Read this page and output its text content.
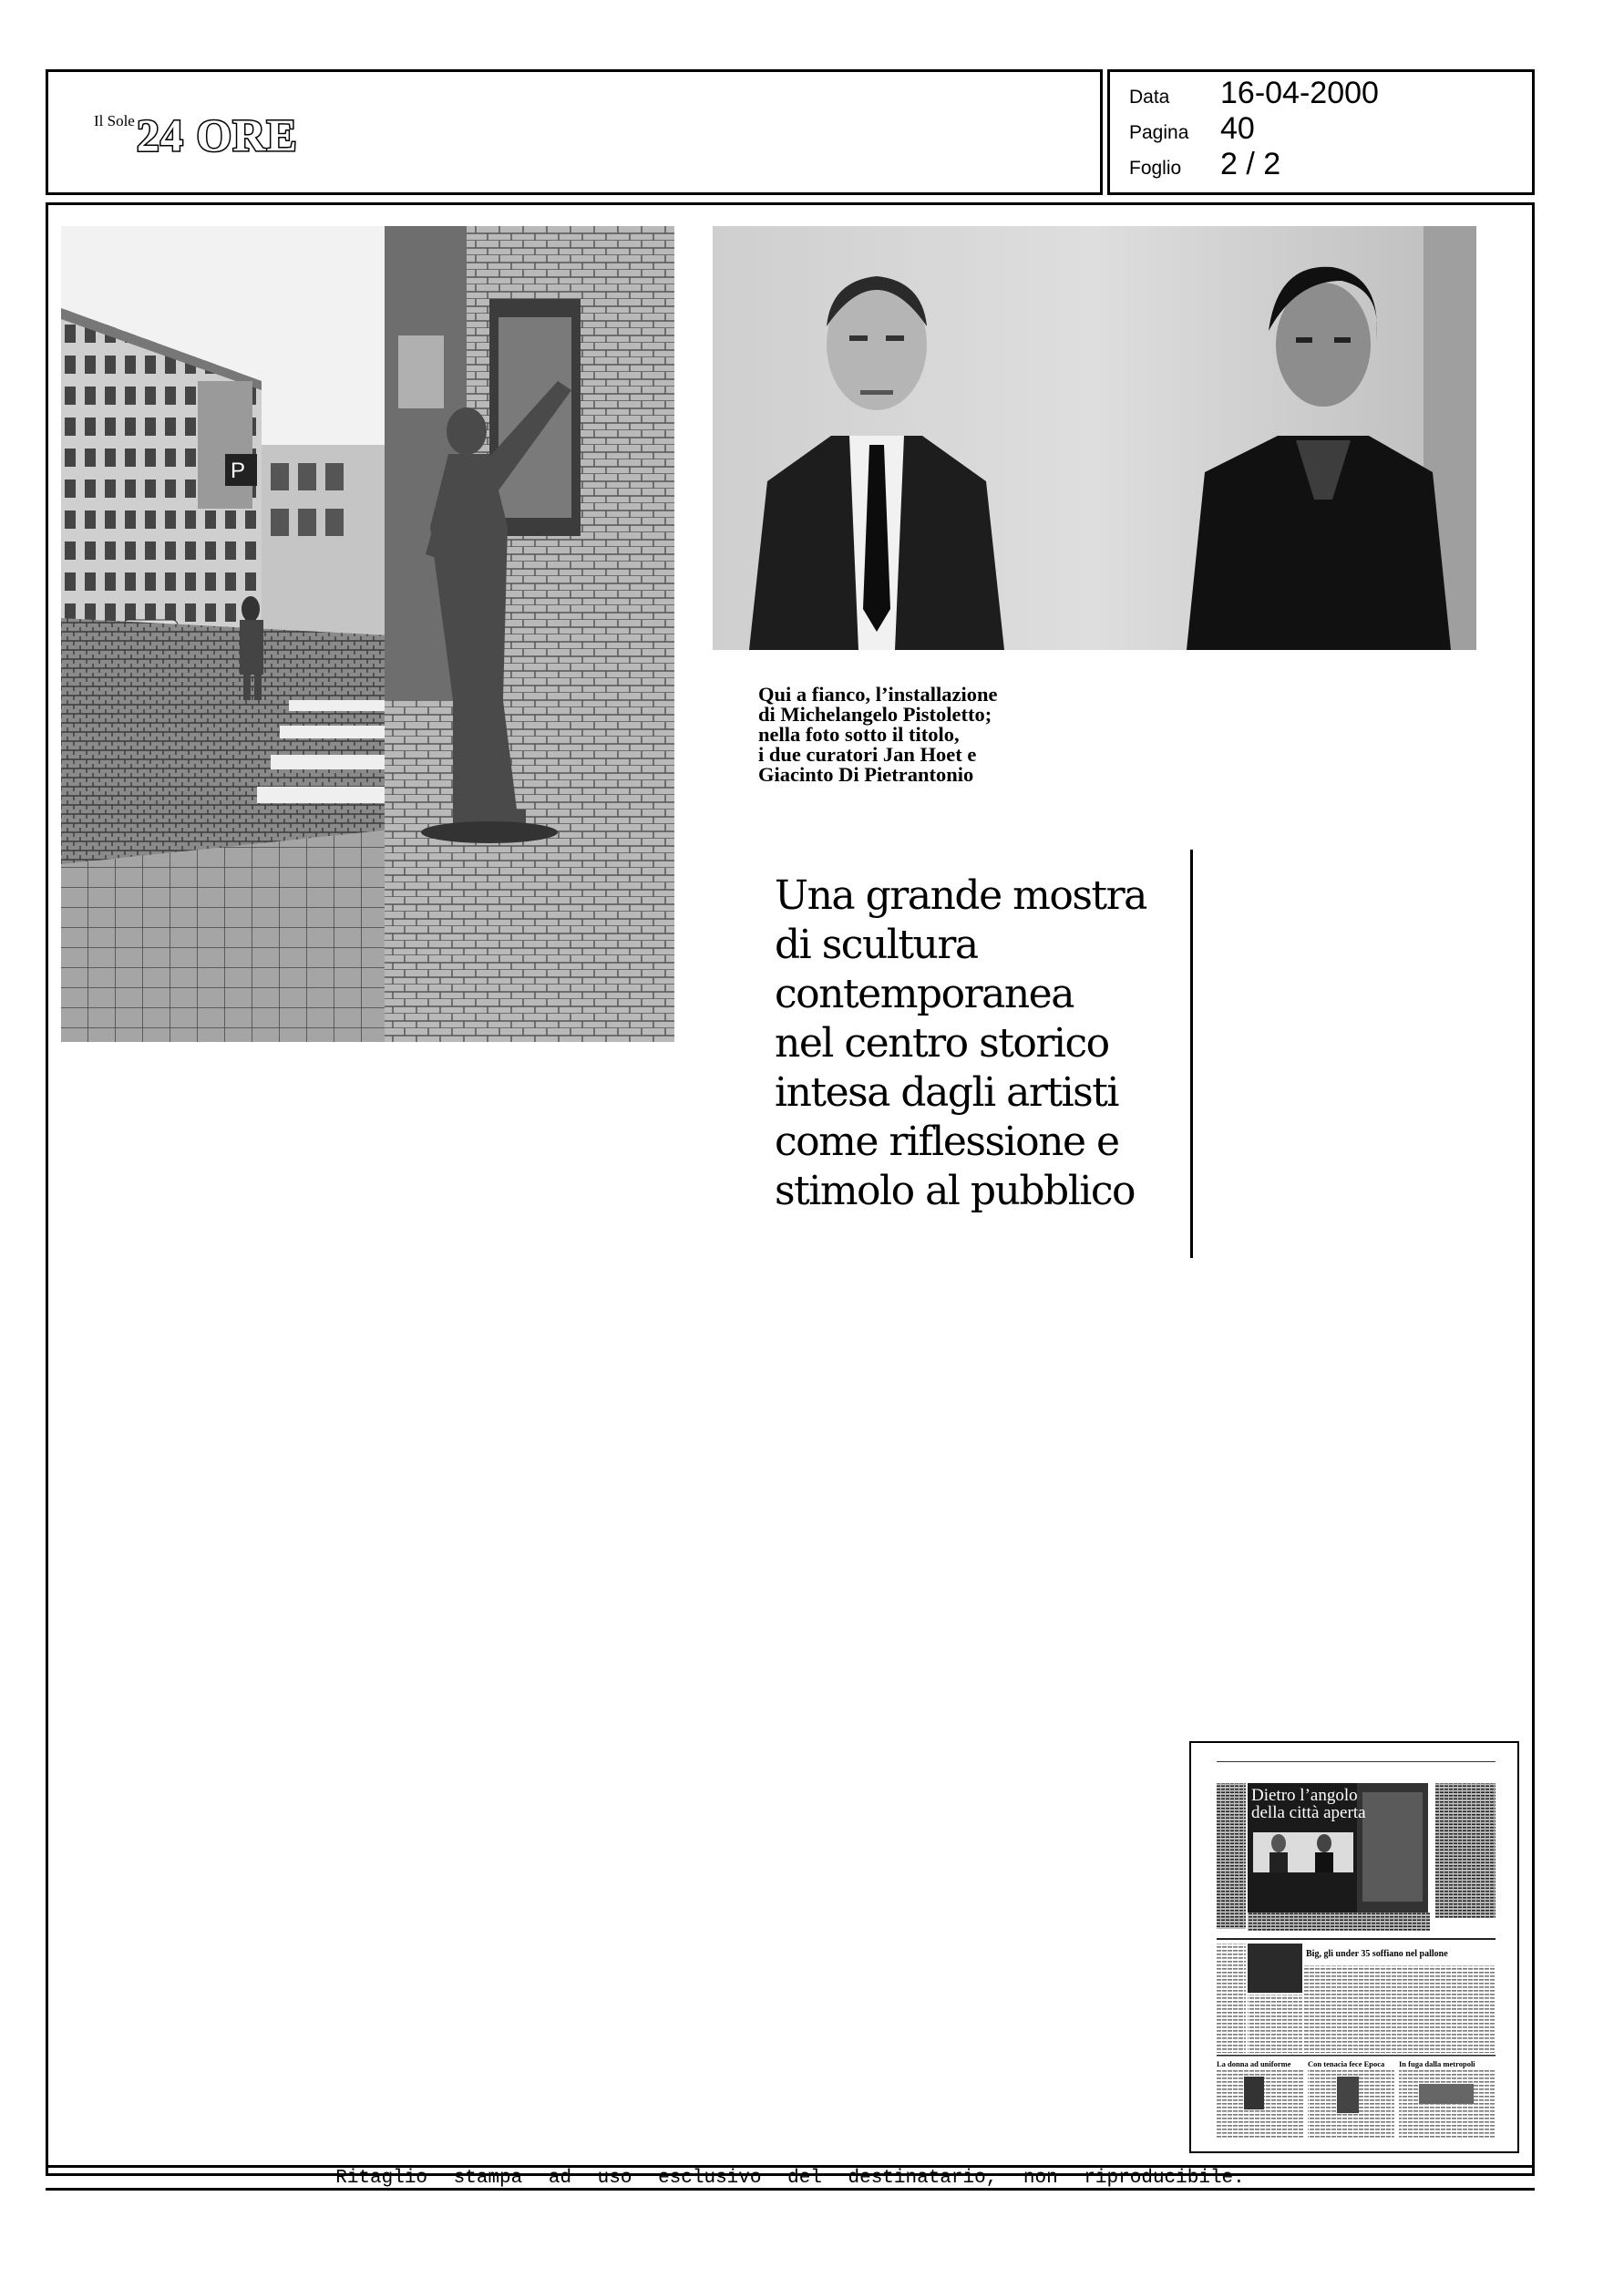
Il Sole24 ORE
Data	16-04-2000
Pagina	40
Foglio	2 / 2
P
Qui a fianco, l’installazione
di Michelangelo Pistoletto;
nella foto sotto il titolo,
i due curatori Jan Hoet e
Giacinto Di Pietrantonio
Una grande mostra
di scultura
contemporanea
nel centro storico
intesa dagli artisti
come riflessione e
stimolo al pubblico
Dietro l’angolo
della città aperta
Big, gli under 35 soffiano nel pallone
La donna ad uniforme Con tenacia fece Epoca In fuga dalla metropoli
Ritaglio stampa ad uso esclusivo del destinatario, non riproducibile.
